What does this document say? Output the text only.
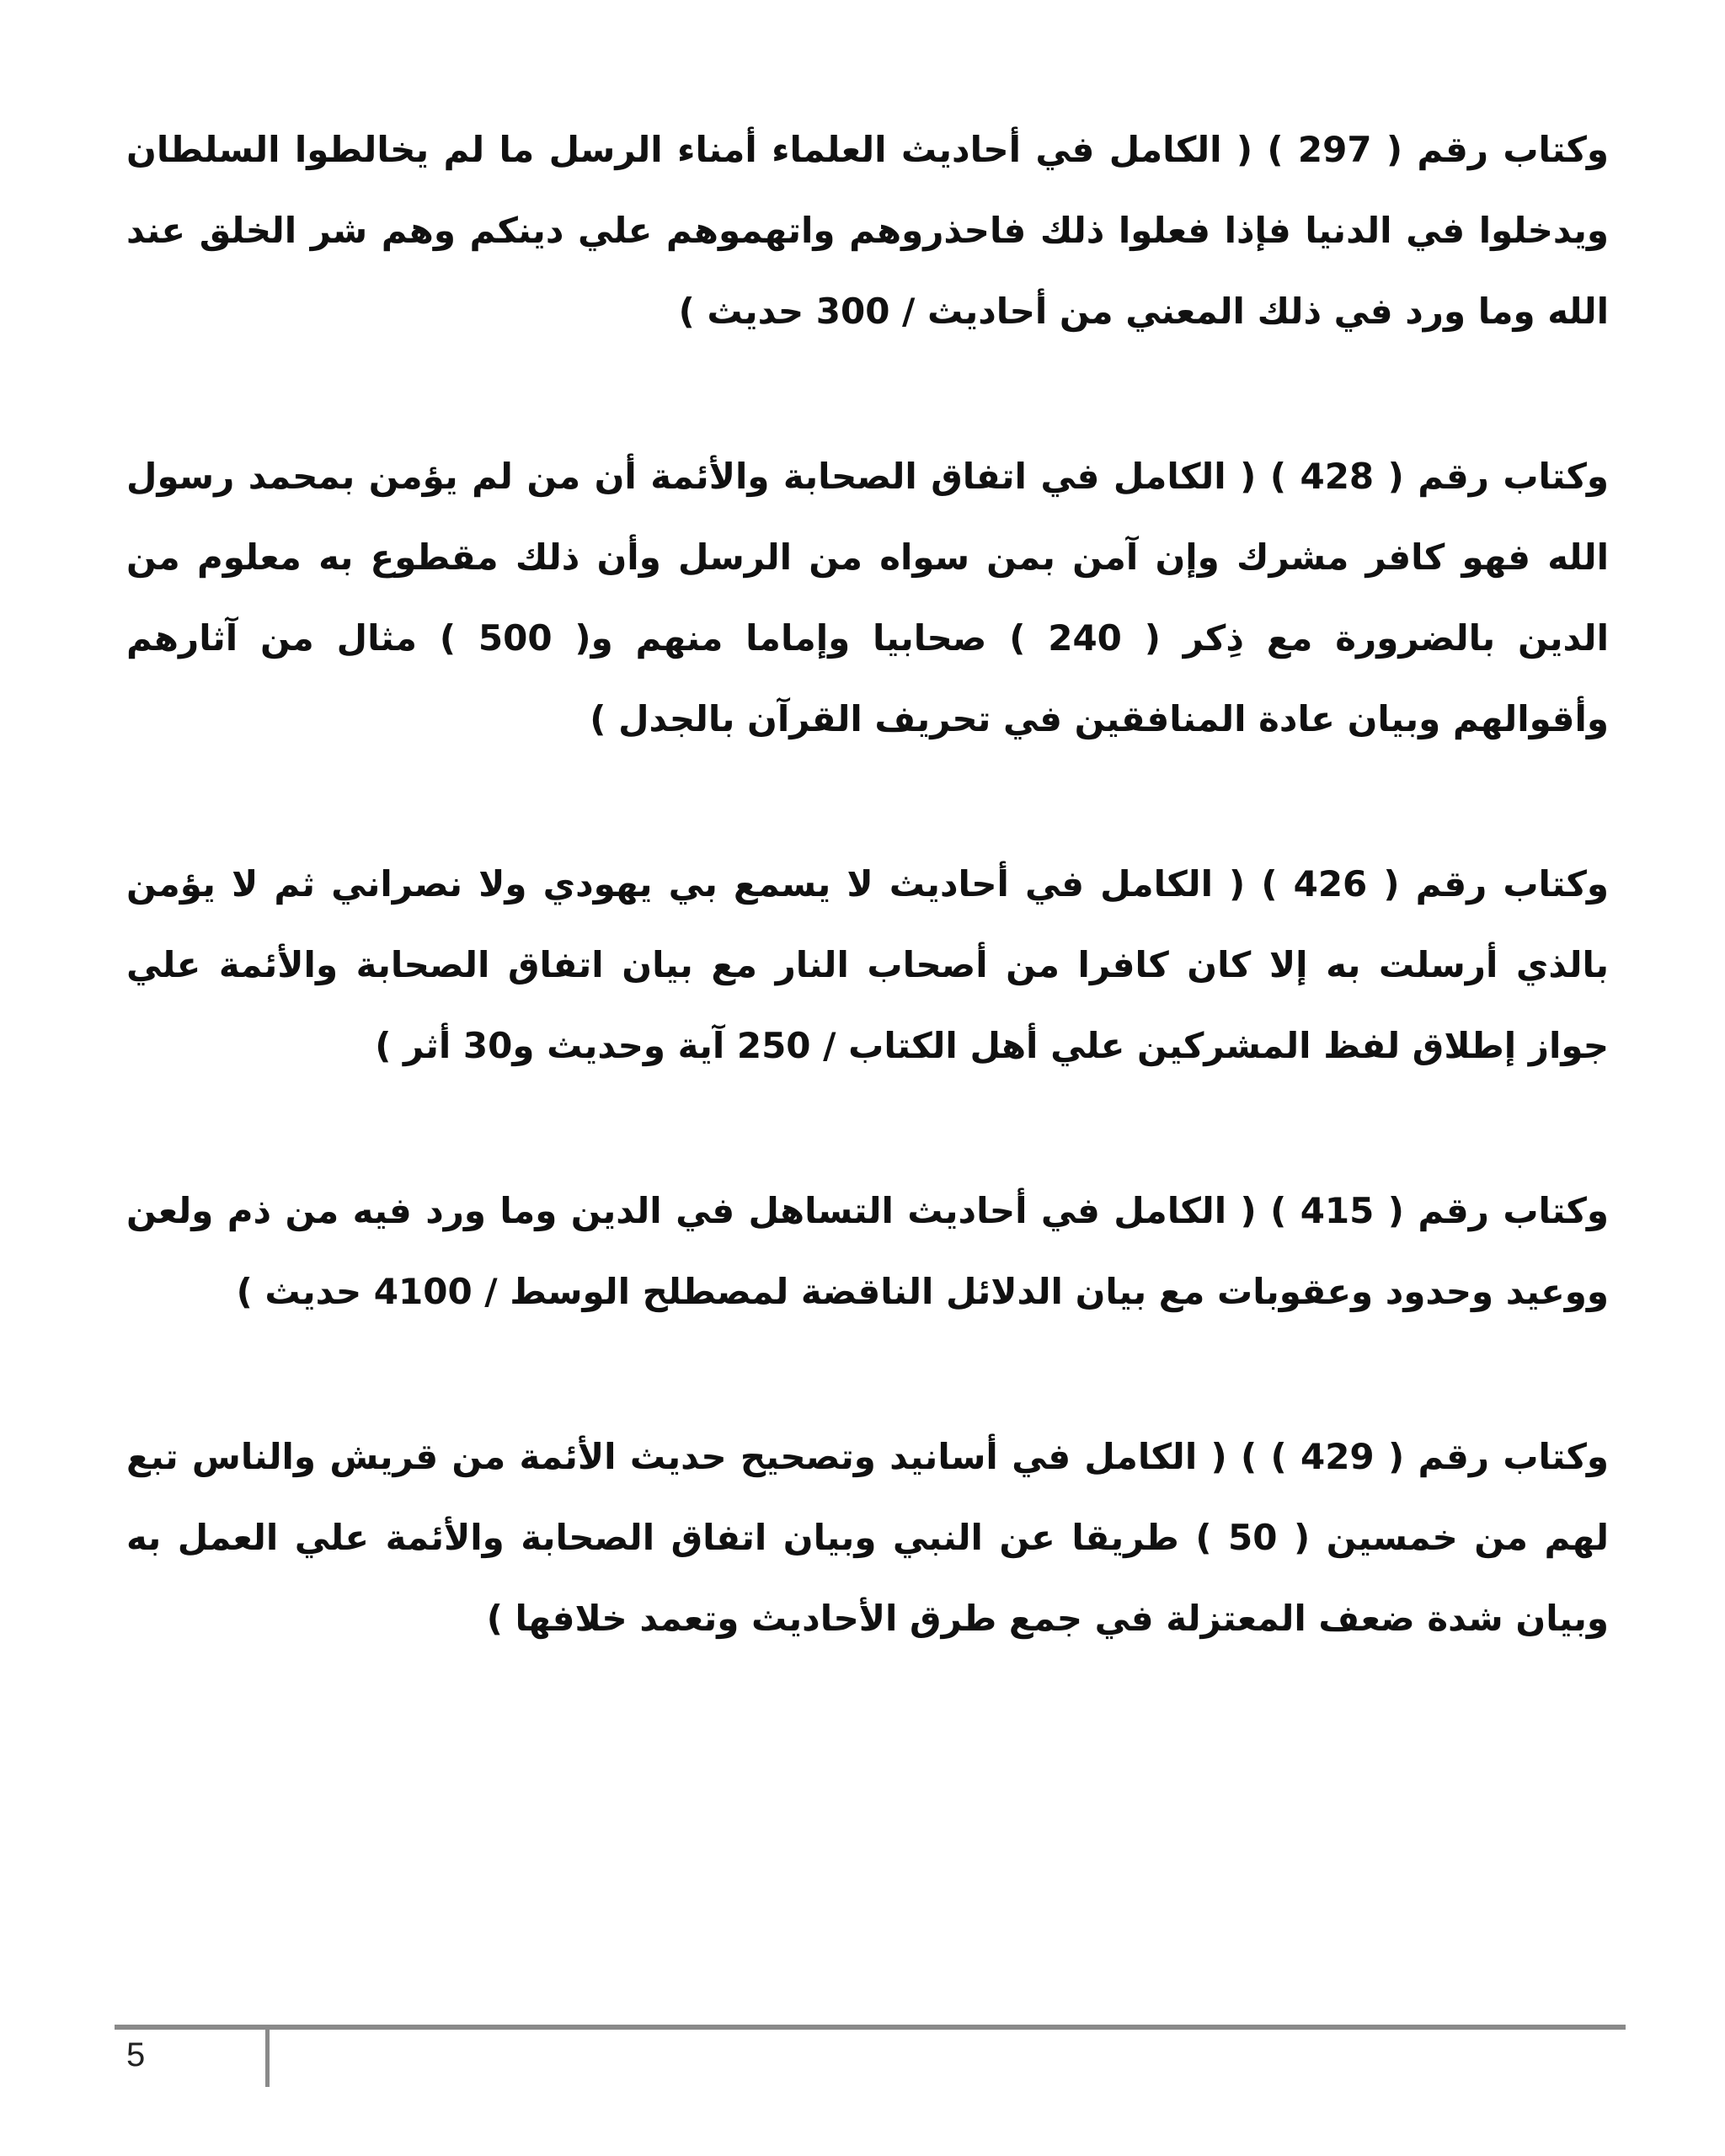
وكتاب رقم ( 297 ) ( الكامل في أحاديث العلماء أمناء الرسل ما لم يخالطوا السلطان ويدخلوا في الدنيا فإذا فعلوا ذلك فاحذروهم واتهموهم علي دينكم وهم شر الخلق عند الله وما ورد في ذلك المعني من أحاديث / 300 حديث )

وكتاب رقم ( 428 ) ( الكامل في اتفاق الصحابة والأئمة أن من لم يؤمن بمحمد رسول الله فهو كافر مشرك وإن آمن بمن سواه من الرسل وأن ذلك مقطوع به معلوم من الدين بالضرورة مع ذِكر ( 240 ) صحابيا وإماما منهم و( 500 ) مثال من آثارهم وأقوالهم وبيان عادة المنافقين في تحريف القرآن بالجدل )

وكتاب رقم ( 426 ) ( الكامل في أحاديث لا يسمع بي يهودي ولا نصراني ثم لا يؤمن بالذي أرسلت به إلا كان كافرا من أصحاب النار مع بيان اتفاق الصحابة والأئمة علي جواز إطلاق لفظ المشركين علي أهل الكتاب / 250 آية وحديث و30 أثر )

وكتاب رقم ( 415 ) ( الكامل في أحاديث التساهل في الدين وما ورد فيه من ذم ولعن ووعيد وحدود وعقوبات مع بيان الدلائل الناقضة لمصطلح الوسط / 4100 حديث )

وكتاب رقم ( 429 ) ) ( الكامل في أسانيد وتصحيح حديث الأئمة من قريش والناس تبع لهم من خمسين ( 50 ) طريقا عن النبي وبيان اتفاق الصحابة والأئمة علي العمل به وبيان شدة ضعف المعتزلة في جمع طرق الأحاديث وتعمد خلافها )

5
